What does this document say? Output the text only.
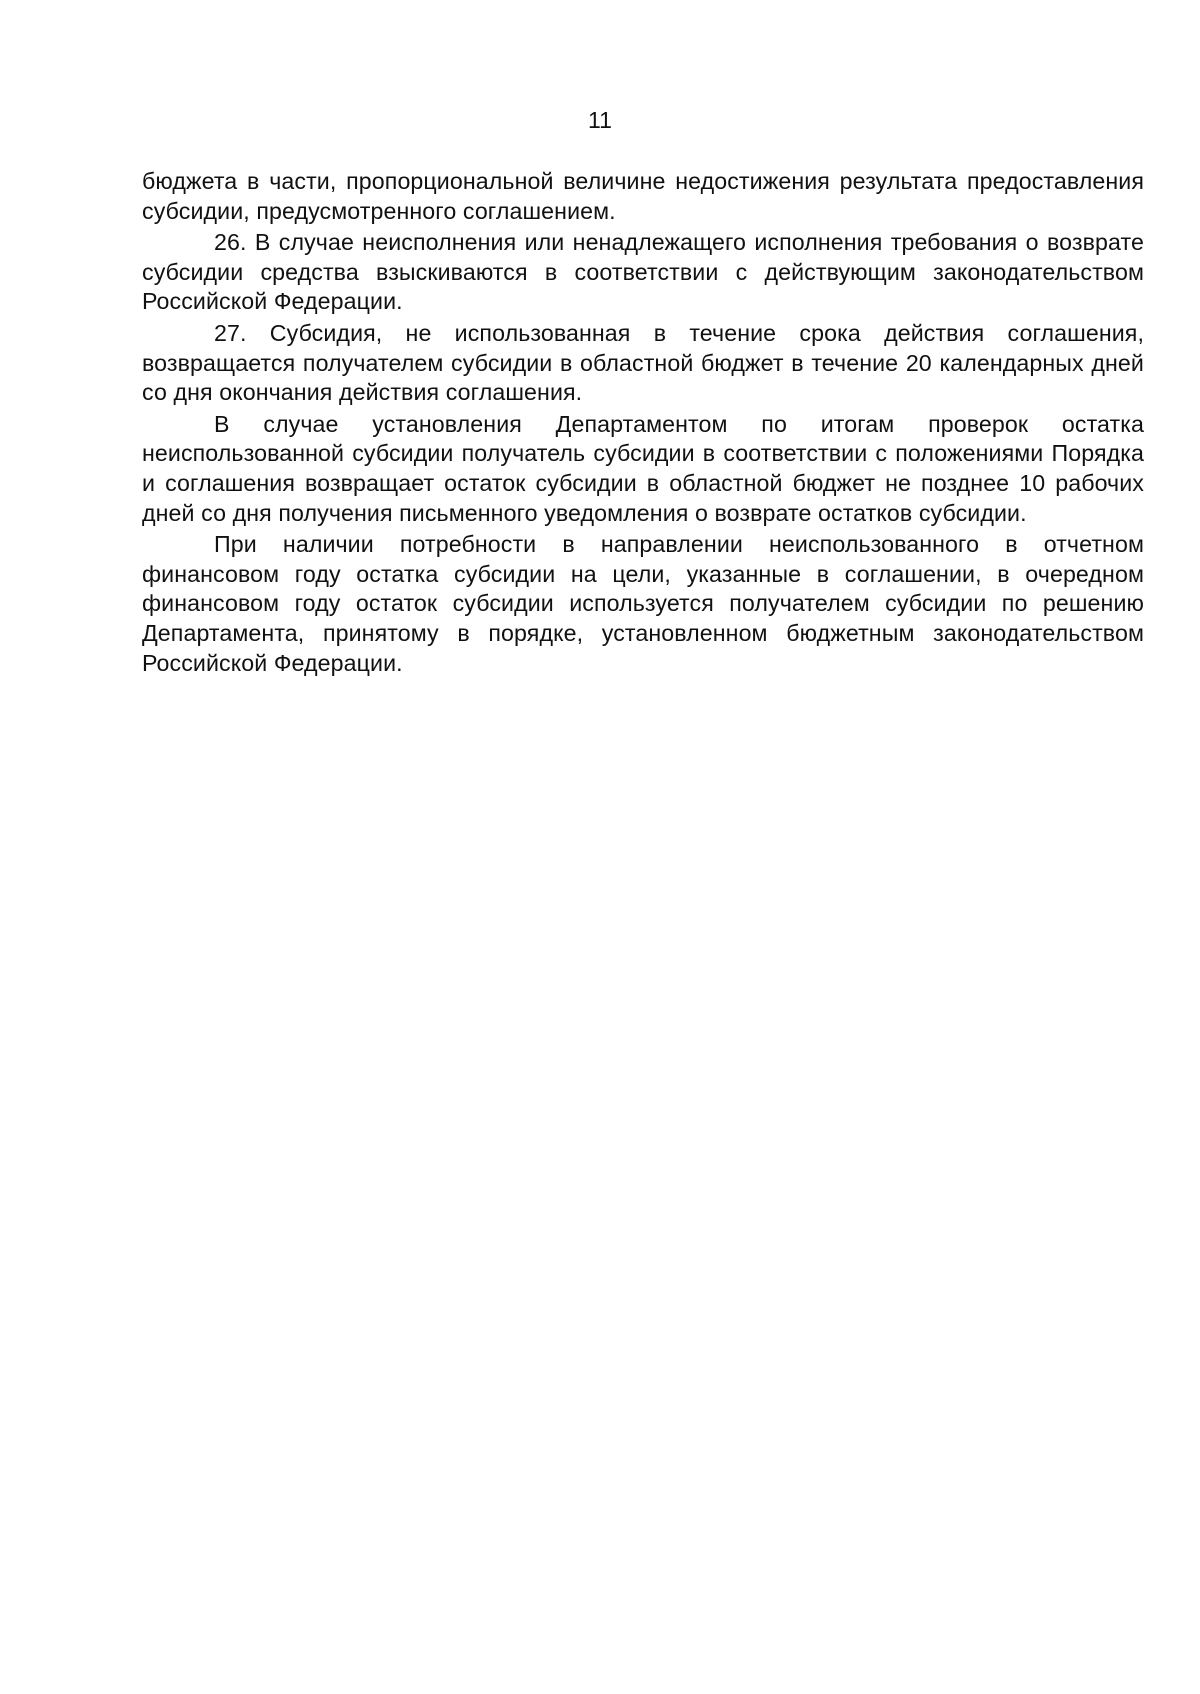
11

бюджета в части, пропорциональной величине недостижения результата предоставления субсидии, предусмотренного соглашением.

26. В случае неисполнения или ненадлежащего исполнения требования о возврате субсидии средства взыскиваются в соответствии с действующим законодательством Российской Федерации.

27. Субсидия, не использованная в течение срока действия соглашения, возвращается получателем субсидии в областной бюджет в течение 20 календарных дней со дня окончания действия соглашения.

В случае установления Департаментом по итогам проверок остатка неиспользованной субсидии получатель субсидии в соответствии с положениями Порядка и соглашения возвращает остаток субсидии в областной бюджет не позднее 10 рабочих дней со дня получения письменного уведомления о возврате остатков субсидии.

При наличии потребности в направлении неиспользованного в отчетном финансовом году остатка субсидии на цели, указанные в соглашении, в очередном финансовом году остаток субсидии используется получателем субсидии по решению Департамента, принятому в порядке, установленном бюджетным законодательством Российской Федерации.
